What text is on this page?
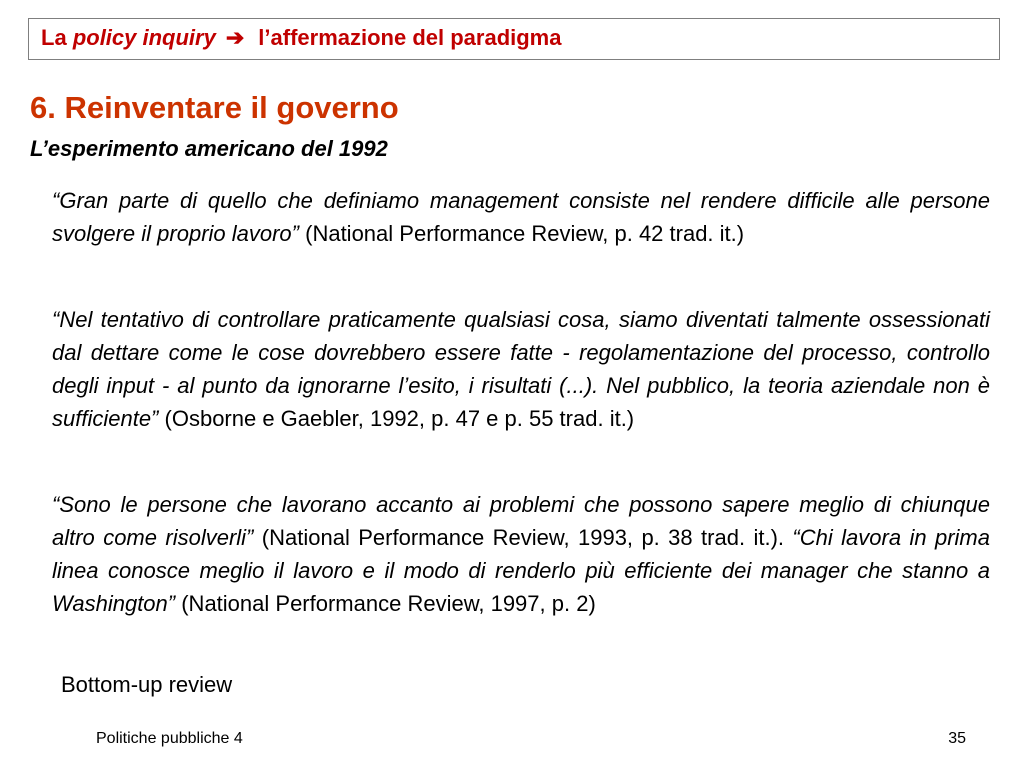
La policy inquiry ➔ l’affermazione del paradigma
6. Reinventare il governo
L’esperimento americano del 1992

“Gran parte di quello che definiamo management consiste nel rendere difficile alle persone svolgere il proprio lavoro” (National Performance Review, p. 42 trad. it.)

“Nel tentativo di controllare praticamente qualsiasi cosa, siamo diventati talmente ossessionati dal dettare come le cose dovrebbero essere fatte - regolamentazione del processo, controllo degli input - al punto da ignorarne l’esito, i risultati (...). Nel pubblico, la teoria aziendale non è sufficiente” (Osborne e Gaebler, 1992, p. 47 e p. 55 trad. it.)

“Sono le persone che lavorano accanto ai problemi che possono sapere meglio di chiunque altro come risolverli” (National Performance Review, 1993, p. 38 trad. it.). “Chi lavora in prima linea conosce meglio il lavoro e il modo di renderlo più efficiente dei manager che stanno a Washington” (National Performance Review, 1997, p. 2)

Bottom-up review
Politiche pubbliche 4	35
